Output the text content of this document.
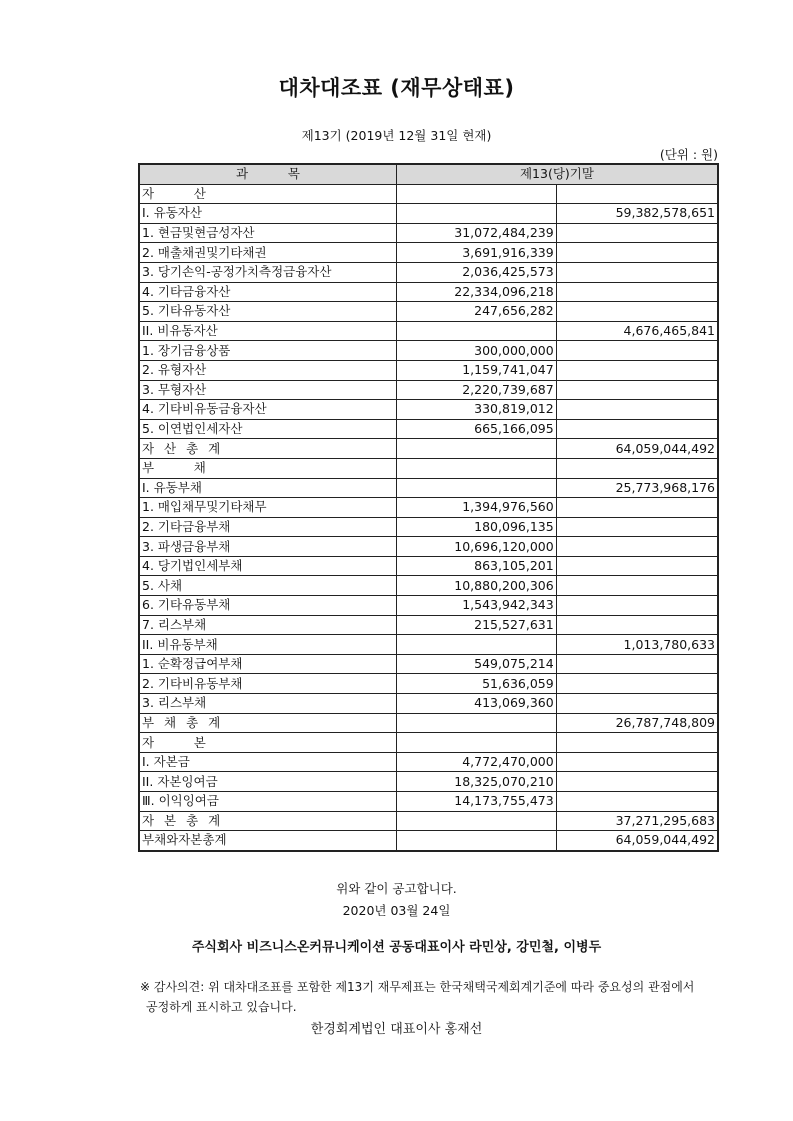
대차대조표 (재무상태표)
제13기 (2019년 12월 31일 현재)
(단위 : 원)
과          목	제13(당)기말	
자          산		
I. 유동자산		59,382,578,651
1. 현금및현금성자산	31,072,484,239	
2. 매출채권및기타채권	3,691,916,339	
3. 당기손익-공정가치측정금융자산	2,036,425,573	
4. 기타금융자산	22,334,096,218	
5. 기타유동자산	247,656,282	
II. 비유동자산		4,676,465,841
1. 장기금융상품	300,000,000	
2. 유형자산	1,159,741,047	
3. 무형자산	2,220,739,687	
4. 기타비유동금융자산	330,819,012	
5. 이연법인세자산	665,166,095	
자 산 총 계		64,059,044,492
부          채		
I. 유동부채		25,773,968,176
1. 매입채무및기타채무	1,394,976,560	
2. 기타금융부채	180,096,135	
3. 파생금융부채	10,696,120,000	
4. 당기법인세부채	863,105,201	
5. 사채	10,880,200,306	
6. 기타유동부채	1,543,942,343	
7. 리스부채	215,527,631	
II. 비유동부채		1,013,780,633
1. 순확정급여부채	549,075,214	
2. 기타비유동부채	51,636,059	
3. 리스부채	413,069,360	
부 채 총 계		26,787,748,809
자          본		
I. 자본금	4,772,470,000	
II. 자본잉여금	18,325,070,210	
Ⅲ. 이익잉여금	14,173,755,473	
자 본 총 계		37,271,295,683
부채와자본총계		64,059,044,492
위와 같이 공고합니다.
2020년 03월 24일
주식회사 비즈니스온커뮤니케이션 공동대표이사 라민상, 강민철, 이병두
※ 감사의견: 위 대차대조표를 포함한 제13기 재무제표는 한국채택국제회계기준에 따라 중요성의 관점에서
공정하게 표시하고 있습니다.
한경회계법인 대표이사 홍재선
